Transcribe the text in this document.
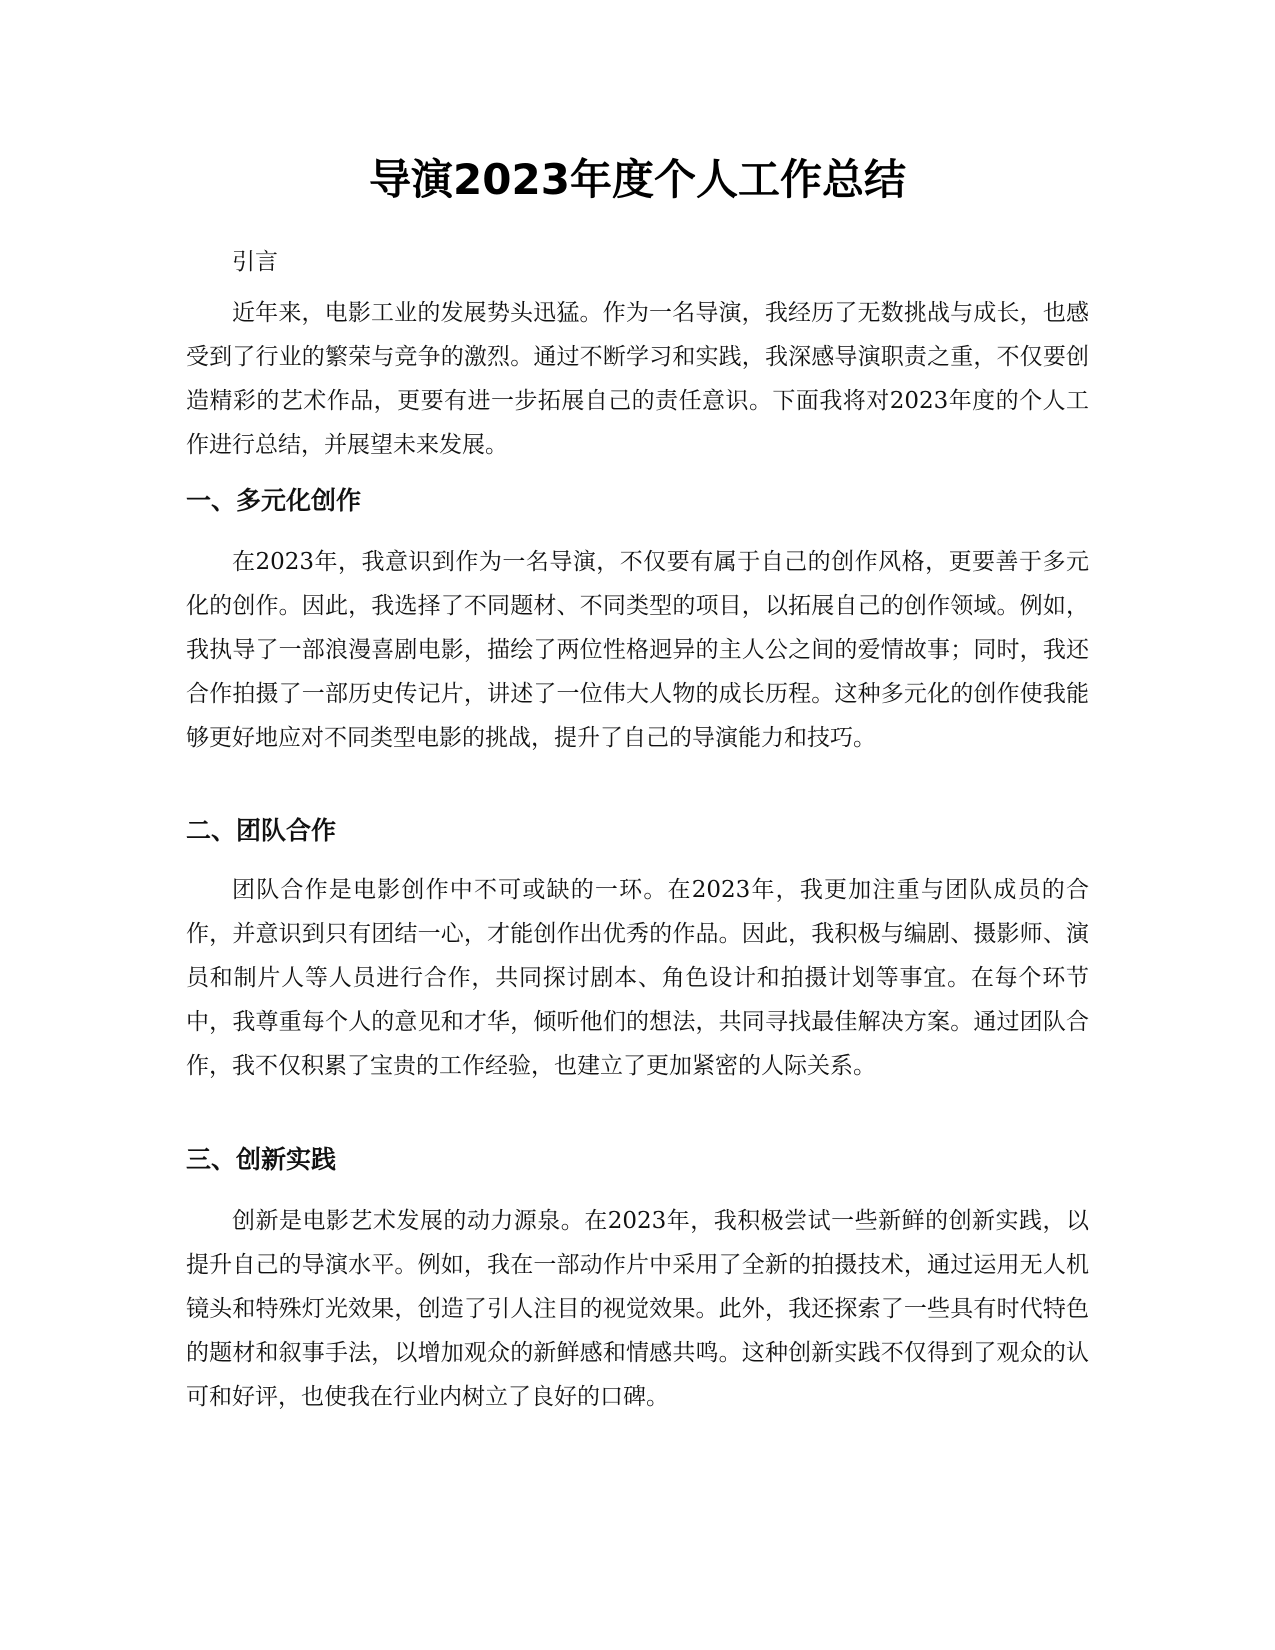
导演2023年度个人工作总结

引言

近年来，电影工业的发展势头迅猛。作为一名导演，我经历了无数挑战与成长，也感受到了行业的繁荣与竞争的激烈。通过不断学习和实践，我深感导演职责之重，不仅要创造精彩的艺术作品，更要有进一步拓展自己的责任意识。下面我将对2023年度的个人工作进行总结，并展望未来发展。

一、多元化创作

在2023年，我意识到作为一名导演，不仅要有属于自己的创作风格，更要善于多元化的创作。因此，我选择了不同题材、不同类型的项目，以拓展自己的创作领域。例如，我执导了一部浪漫喜剧电影，描绘了两位性格迥异的主人公之间的爱情故事；同时，我还合作拍摄了一部历史传记片，讲述了一位伟大人物的成长历程。这种多元化的创作使我能够更好地应对不同类型电影的挑战，提升了自己的导演能力和技巧。

二、团队合作

团队合作是电影创作中不可或缺的一环。在2023年，我更加注重与团队成员的合作，并意识到只有团结一心，才能创作出优秀的作品。因此，我积极与编剧、摄影师、演员和制片人等人员进行合作，共同探讨剧本、角色设计和拍摄计划等事宜。在每个环节中，我尊重每个人的意见和才华，倾听他们的想法，共同寻找最佳解决方案。通过团队合作，我不仅积累了宝贵的工作经验，也建立了更加紧密的人际关系。

三、创新实践

创新是电影艺术发展的动力源泉。在2023年，我积极尝试一些新鲜的创新实践，以提升自己的导演水平。例如，我在一部动作片中采用了全新的拍摄技术，通过运用无人机镜头和特殊灯光效果，创造了引人注目的视觉效果。此外，我还探索了一些具有时代特色的题材和叙事手法，以增加观众的新鲜感和情感共鸣。这种创新实践不仅得到了观众的认可和好评，也使我在行业内树立了良好的口碑。
